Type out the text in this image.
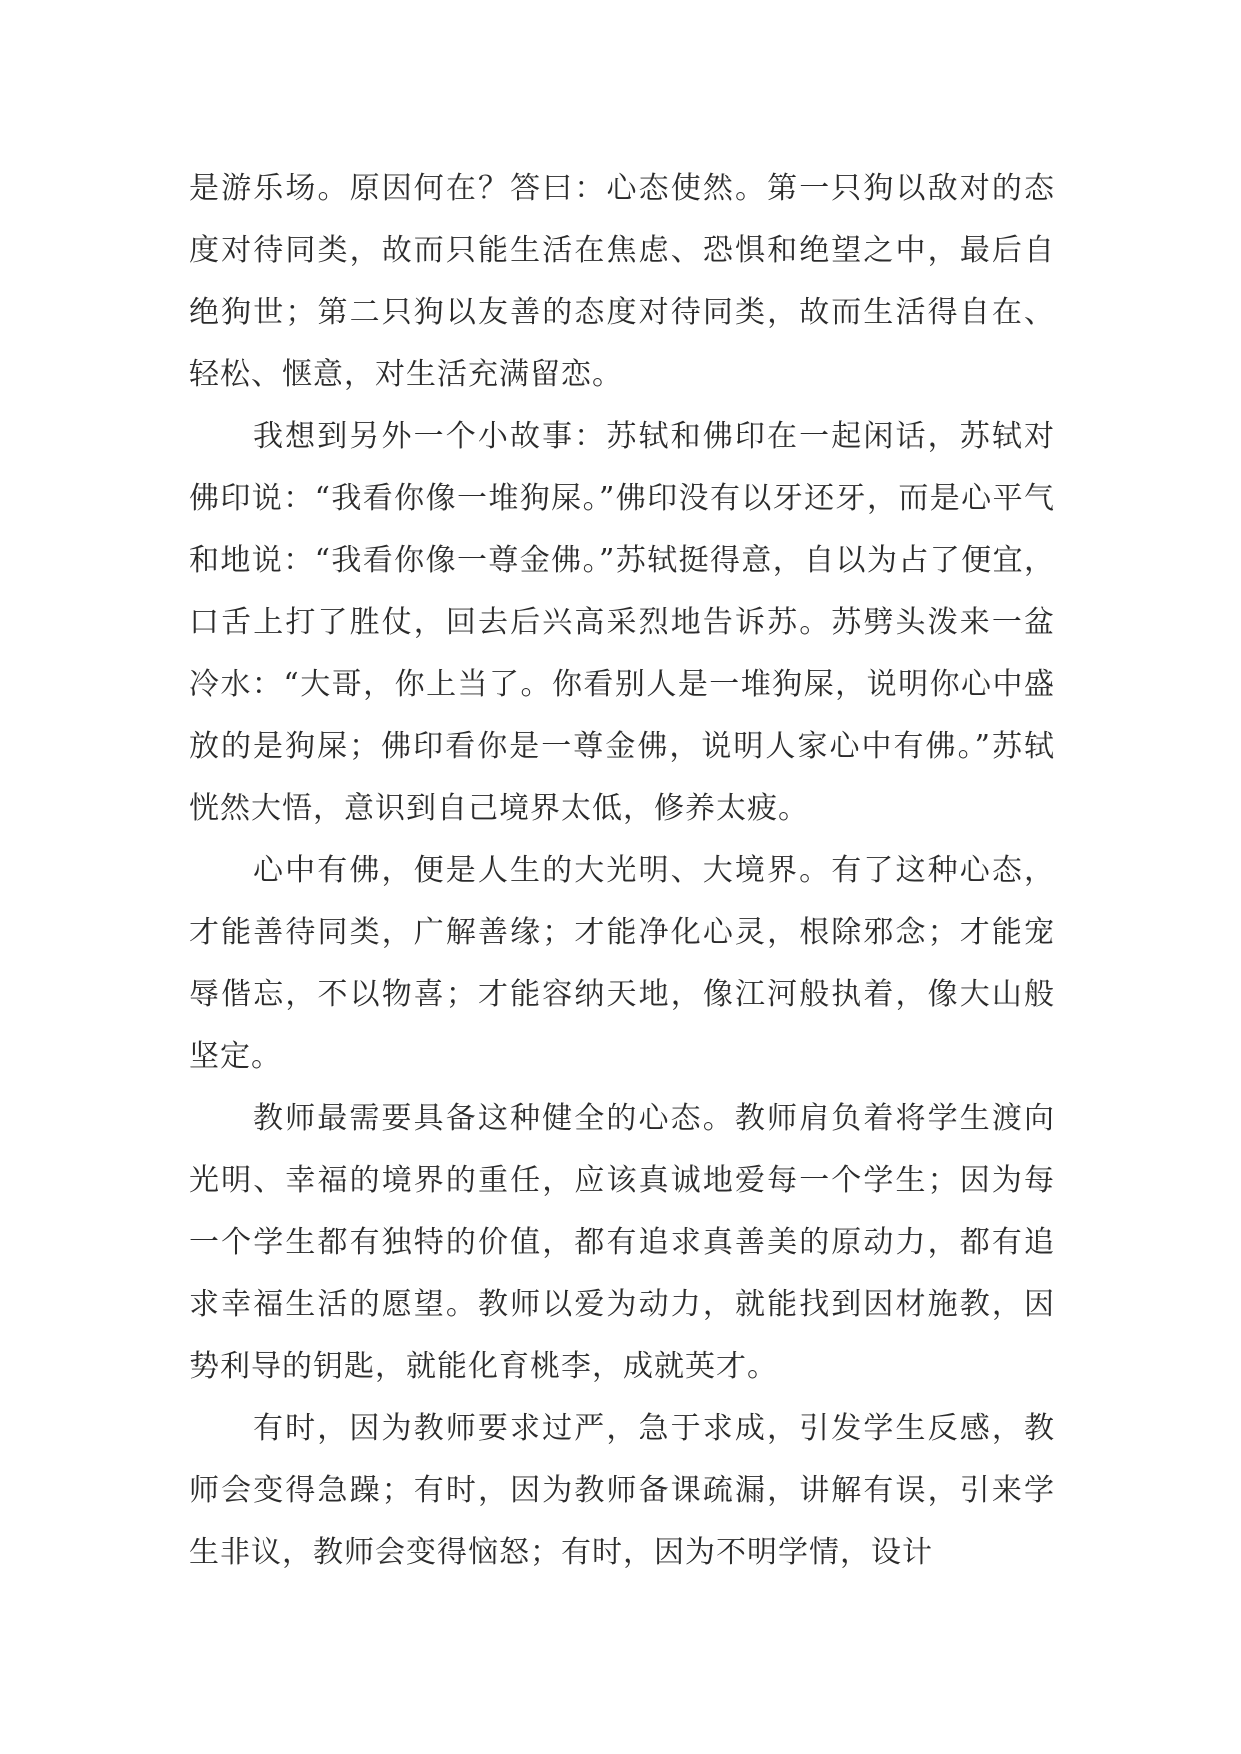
是游乐场。原因何在？答曰：心态使然。第一只狗以敌对的态度对待同类，故而只能生活在焦虑、恐惧和绝望之中，最后自绝狗世；第二只狗以友善的态度对待同类，故而生活得自在、轻松、惬意，对生活充满留恋。

我想到另外一个小故事：苏轼和佛印在一起闲话，苏轼对佛印说：“我看你像一堆狗屎。”佛印没有以牙还牙，而是心平气和地说：“我看你像一尊金佛。”苏轼挺得意，自以为占了便宜，口舌上打了胜仗，回去后兴高采烈地告诉苏。苏劈头泼来一盆冷水：“大哥，你上当了。你看别人是一堆狗屎，说明你心中盛放的是狗屎；佛印看你是一尊金佛，说明人家心中有佛。”苏轼恍然大悟，意识到自己境界太低，修养太疲。

心中有佛，便是人生的大光明、大境界。有了这种心态，才能善待同类，广解善缘；才能净化心灵，根除邪念；才能宠辱偕忘，不以物喜；才能容纳天地，像江河般执着，像大山般坚定。

教师最需要具备这种健全的心态。教师肩负着将学生渡向光明、幸福的境界的重任，应该真诚地爱每一个学生；因为每一个学生都有独特的价值，都有追求真善美的原动力，都有追求幸福生活的愿望。教师以爱为动力，就能找到因材施教，因势利导的钥匙，就能化育桃李，成就英才。

有时，因为教师要求过严，急于求成，引发学生反感，教师会变得急躁；有时，因为教师备课疏漏，讲解有误，引来学生非议，教师会变得恼怒；有时，因为不明学情，设计
